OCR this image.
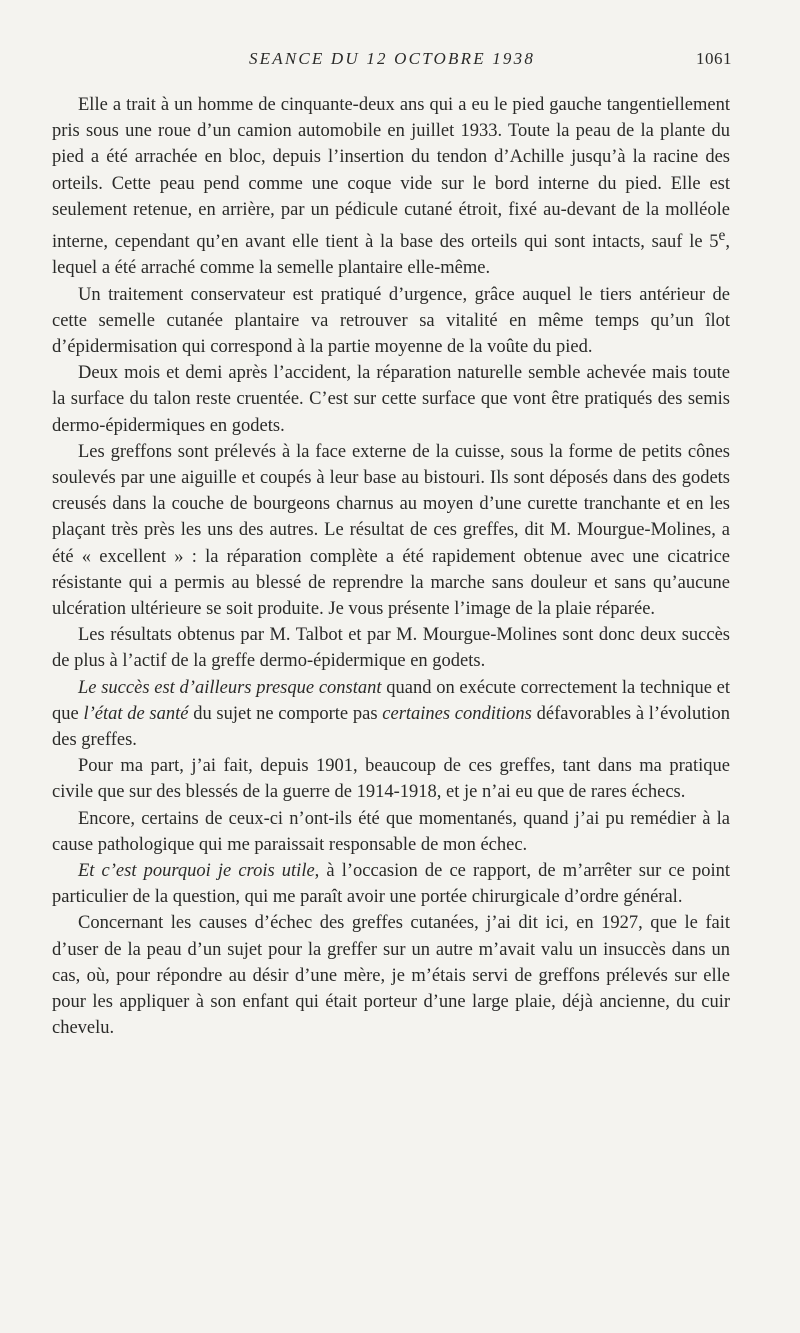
SEANCE DU 12 OCTOBRE 1938	1061

Elle a trait à un homme de cinquante-deux ans qui a eu le pied gauche tangentiellement pris sous une roue d’un camion automobile en juillet 1933. Toute la peau de la plante du pied a été arrachée en bloc, depuis l’insertion du tendon d’Achille jusqu’à la racine des orteils. Cette peau pend comme une coque vide sur le bord interne du pied. Elle est seulement retenue, en arrière, par un pédicule cutané étroit, fixé au-devant de la molléole interne, cependant qu’en avant elle tient à la base des orteils qui sont intacts, sauf le 5e, lequel a été arraché comme la semelle plantaire elle-même.

Un traitement conservateur est pratiqué d’urgence, grâce auquel le tiers antérieur de cette semelle cutanée plantaire va retrouver sa vitalité en même temps qu’un îlot d’épidermisation qui correspond à la partie moyenne de la voûte du pied.

Deux mois et demi après l’accident, la réparation naturelle semble achevée mais toute la surface du talon reste cruentée. C’est sur cette surface que vont être pratiqués des semis dermo-épidermiques en godets.

Les greffons sont prélevés à la face externe de la cuisse, sous la forme de petits cônes soulevés par une aiguille et coupés à leur base au bistouri. Ils sont déposés dans des godets creusés dans la couche de bourgeons charnus au moyen d’une curette tranchante et en les plaçant très près les uns des autres. Le résultat de ces greffes, dit M. Mourgue-Molines, a été « excellent » : la réparation complète a été rapidement obtenue avec une cicatrice résistante qui a permis au blessé de reprendre la marche sans douleur et sans qu’aucune ulcération ultérieure se soit produite. Je vous présente l’image de la plaie réparée.

Les résultats obtenus par M. Talbot et par M. Mourgue-Molines sont donc deux succès de plus à l’actif de la greffe dermo-épidermique en godets.

Le succès est d’ailleurs presque constant quand on exécute correctement la technique et que l’état de santé du sujet ne comporte pas certaines conditions défavorables à l’évolution des greffes.

Pour ma part, j’ai fait, depuis 1901, beaucoup de ces greffes, tant dans ma pratique civile que sur des blessés de la guerre de 1914-1918, et je n’ai eu que de rares échecs.

Encore, certains de ceux-ci n’ont-ils été que momentanés, quand j’ai pu remédier à la cause pathologique qui me paraissait responsable de mon échec.

Et c’est pourquoi je crois utile, à l’occasion de ce rapport, de m’arrêter sur ce point particulier de la question, qui me paraît avoir une portée chirurgicale d’ordre général.

Concernant les causes d’échec des greffes cutanées, j’ai dit ici, en 1927, que le fait d’user de la peau d’un sujet pour la greffer sur un autre m’avait valu un insuccès dans un cas, où, pour répondre au désir d’une mère, je m’étais servi de greffons prélevés sur elle pour les appliquer à son enfant qui était porteur d’une large plaie, déjà ancienne, du cuir chevelu.
